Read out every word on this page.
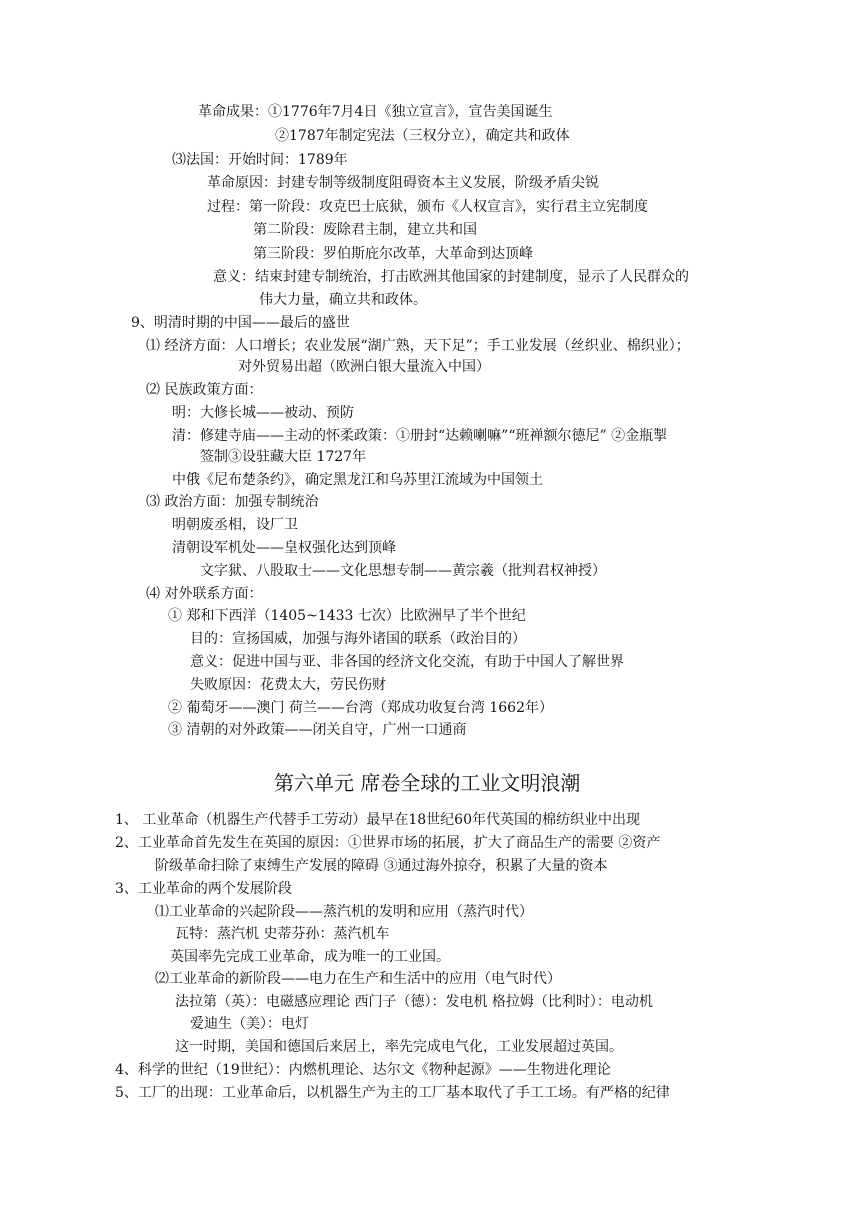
革命成果：①1776年7月4日《独立宣言》，宣告美国诞生
②1787年制定宪法（三权分立），确定共和政体
⑶法国：开始时间：1789年
革命原因：封建专制等级制度阻碍资本主义发展，阶级矛盾尖锐
过程：第一阶段：攻克巴士底狱，颁布《人权宣言》，实行君主立宪制度
第二阶段：废除君主制，建立共和国
第三阶段：罗伯斯庇尔改革，大革命到达顶峰
意义：结束封建专制统治，打击欧洲其他国家的封建制度，显示了人民群众的
伟大力量，确立共和政体。
9、明清时期的中国——最后的盛世
⑴ 经济方面：人口增长；农业发展“湖广熟，天下足”；手工业发展（丝织业、棉织业）；
对外贸易出超（欧洲白银大量流入中国）
⑵ 民族政策方面：
明：大修长城——被动、预防
清：修建寺庙——主动的怀柔政策：①册封“达赖喇嘛”“班禅额尔德尼” ②金瓶掣
签制③设驻藏大臣 1727年
中俄《尼布楚条约》，确定黑龙江和乌苏里江流域为中国领土
⑶ 政治方面：加强专制统治
明朝废丞相，设厂卫
清朝设军机处——皇权强化达到顶峰
文字狱、八股取士——文化思想专制——黄宗羲（批判君权神授）
⑷ 对外联系方面：
① 郑和下西洋（1405~1433 七次）比欧洲早了半个世纪
目的：宣扬国威，加强与海外诸国的联系（政治目的）
意义：促进中国与亚、非各国的经济文化交流，有助于中国人了解世界
失败原因：花费太大，劳民伤财
② 葡萄牙——澳门 荷兰——台湾（郑成功收复台湾 1662年）
③ 清朝的对外政策——闭关自守，广州一口通商
第六单元 席卷全球的工业文明浪潮
1、 工业革命（机器生产代替手工劳动）最早在18世纪60年代英国的棉纺织业中出现
2、工业革命首先发生在英国的原因：①世界市场的拓展，扩大了商品生产的需要 ②资产
阶级革命扫除了束缚生产发展的障碍 ③通过海外掠夺，积累了大量的资本
3、工业革命的两个发展阶段
⑴工业革命的兴起阶段——蒸汽机的发明和应用（蒸汽时代）
瓦特：蒸汽机 史蒂芬孙：蒸汽机车
英国率先完成工业革命，成为唯一的工业国。
⑵工业革命的新阶段——电力在生产和生活中的应用（电气时代）
法拉第（英）：电磁感应理论 西门子（德）：发电机 格拉姆（比利时）：电动机
爱迪生（美）：电灯
这一时期，美国和德国后来居上，率先完成电气化，工业发展超过英国。
4、科学的世纪（19世纪）：内燃机理论、达尔文《物种起源》——生物进化理论
5、工厂的出现：工业革命后，以机器生产为主的工厂基本取代了手工工场。有严格的纪律
